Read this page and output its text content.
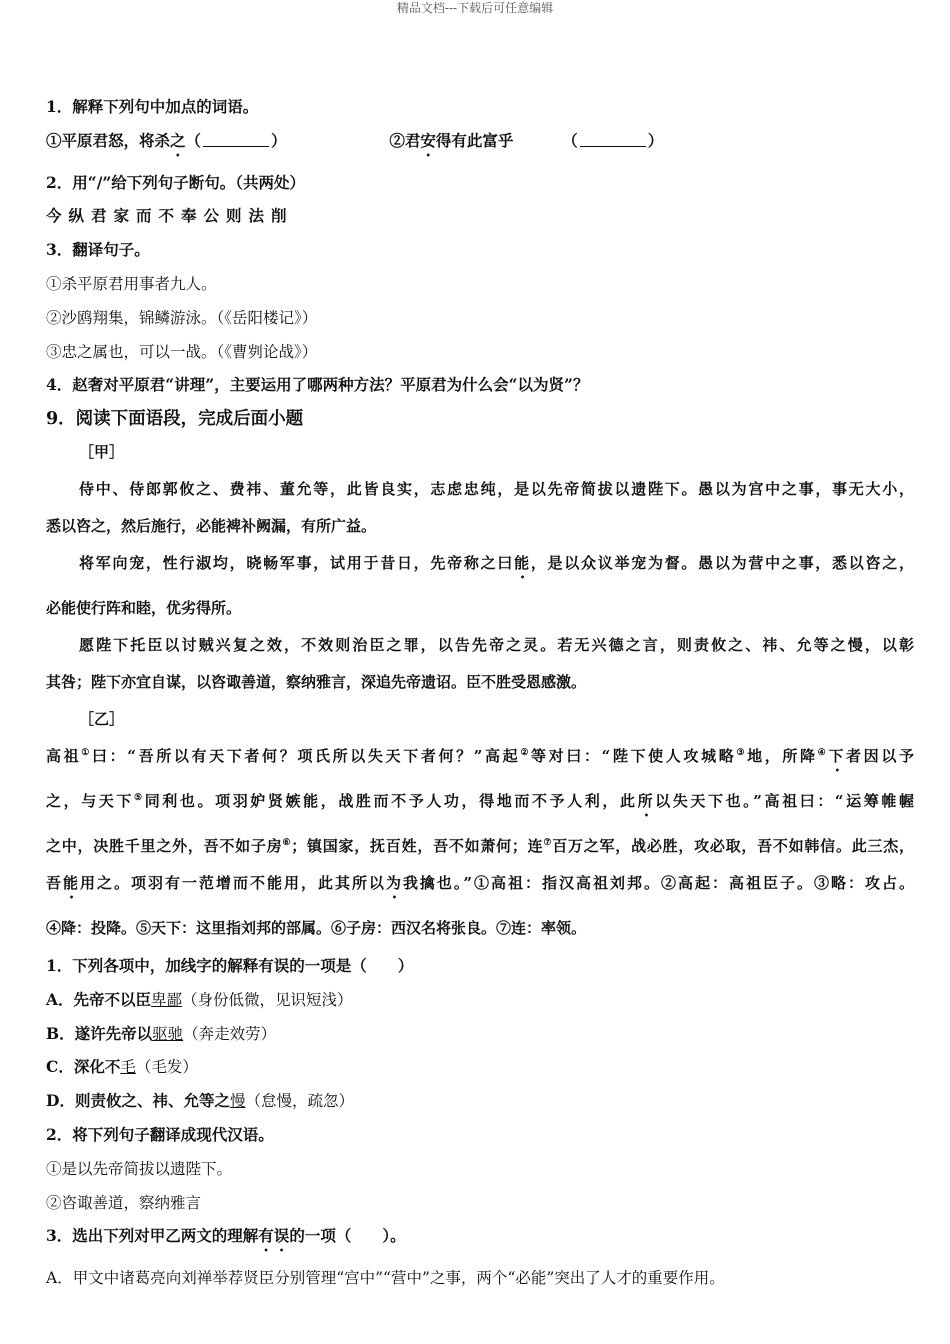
精品文档---下载后可任意编辑
1．解释下列句中加点的词语。
①平原君怒，将杀之（	）	②君安得有此富乎	（	）
2．用“/”给下列句子断句。（共两处）
今纵君家而不奉公则法削
3．翻译句子。
①杀平原君用事者九人。
②沙鸥翔集，锦鳞游泳。（《岳阳楼记》）
③忠之属也，可以一战。（《曹刿论战》）
4．赵奢对平原君“讲理”，主要运用了哪两种方法？平原君为什么会“以为贤”？
9．阅读下面语段，完成后面小题
［甲］
侍中、侍郎郭攸之、费祎、董允等，此皆良实，志虑忠纯，是以先帝简拔以遗陛下。愚以为宫中之事，事无大小，
悉以咨之，然后施行，必能裨补阙漏，有所广益。
将军向宠，性行淑均，晓畅军事，试用于昔日，先帝称之曰能，是以众议举宠为督。愚以为营中之事，悉以咨之，
必能使行阵和睦，优劣得所。
愿陛下托臣以讨贼兴复之效，不效则治臣之罪，以告先帝之灵。若无兴德之言，则责攸之、祎、允等之慢，以彰
其咎；陛下亦宜自谋，以咨诹善道，察纳雅言，深追先帝遗诏。臣不胜受恩感激。
［乙］
高祖①曰：“吾所以有天下者何？项氏所以失天下者何？”高起②等对曰：“陛下使人攻城略③地，所降④下者因以予
之，与天下⑤同利也。项羽妒贤嫉能，战胜而不予人功，得地而不予人利，此所以失天下也。”高祖曰：“运筹帷幄
之中，决胜千里之外，吾不如子房⑥；镇国家，抚百姓，吾不如萧何；连⑦百万之军，战必胜，攻必取，吾不如韩信。此三杰，
吾能用之。项羽有一范增而不能用，此其所以为我擒也。”①高祖：指汉高祖刘邦。②高起：高祖臣子。③略：攻占。
④降：投降。⑤天下：这里指刘邦的部属。⑥子房：西汉名将张良。⑦连：率领。
1．下列各项中，加线字的解释有误的一项是（　　）
A．先帝不以臣卑鄙（身份低微，见识短浅）
B．遂许先帝以驱驰（奔走效劳）
C．深化不毛（毛发）
D．则责攸之、祎、允等之慢（怠慢，疏忽）
2．将下列句子翻译成现代汉语。
①是以先帝简拔以遗陛下。
②咨诹善道，察纳雅言
3．选出下列对甲乙两文的理解有误的一项（　　）。
A．甲文中诸葛亮向刘禅举荐贤臣分别管理“宫中”“营中”之事，两个“必能”突出了人才的重要作用。
